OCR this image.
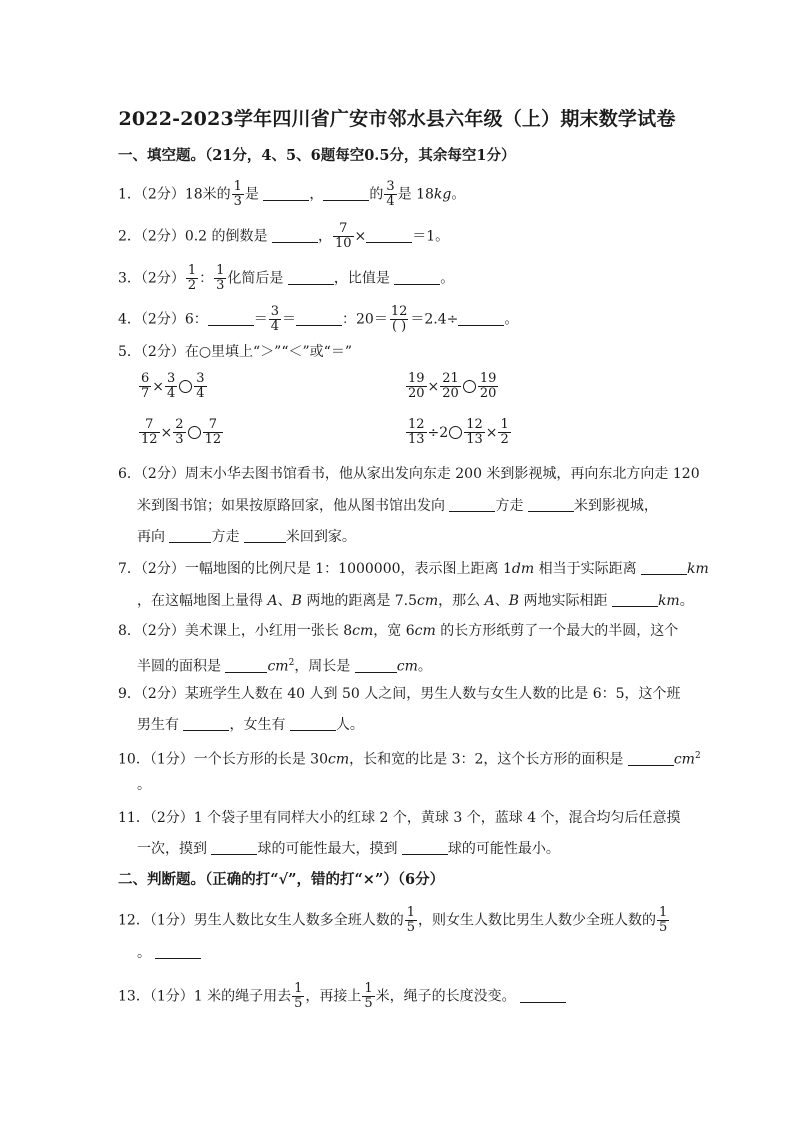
2022-2023学年四川省广安市邻水县六年级（上）期末数学试卷
一、填空题。（21分，4、5、6题每空0.5分，其余每空1分）
1．（2分）18米的 $\frac{1}{3}$ 是	，	的 $\frac{3}{4}$ 是 18kg。
2．（2分）0.2 的倒数是	， $\frac{7}{10}$ ×	＝1。
3．（2分） $\frac{1}{2}$ ： $\frac{1}{3}$ 化简后是	，比值是	。
4．（2分）6：	＝ $\frac{3}{4}$ ＝	：$20= \frac{12}{( )} =2.4\div$	。
5．（2分）在○里填上“＞”“＜”或“＝”
$\frac{6}{7} \times \frac{3}{4} \frac{3}{4}$	$\frac{19}{20} \times \frac{21}{20} \frac{19}{20}$
$\frac{7}{12} \times \frac{2}{3} \frac{7}{12}$	$\frac{12}{13} \div 2 \frac{12}{13} \times \frac{1}{2}$
6．（2分）周末小华去图书馆看书，他从家出发向东走 200 米到影视城，再向东北方向走 120
米到图书馆；如果按原路回家，他从图书馆出发向	方走	米到影视城，
再向	方走	米回到家。
7．（2分）一幅地图的比例尺是 1：1000000，表示图上距离 1dm 相当于实际距离	km
，在这幅地图上量得 A、B 两地的距离是 7.5cm，那么 A、B 两地实际相距	km。
8．（2分）美术课上，小红用一张长 8cm，宽 6cm 的长方形纸剪了一个最大的半圆，这个
半圆的面积是	$cm^2$，周长是	cm。
9．（2分）某班学生人数在 40 人到 50 人之间，男生人数与女生人数的比是 6：5，这个班
男生有	，女生有	人。
10．（1分）一个长方形的长是 30cm，长和宽的比是 3：2，这个长方形的面积是	$cm^2$
。
11．（2分）1 个袋子里有同样大小的红球 2 个，黄球 3 个，蓝球 4 个，混合均匀后任意摸
一次，摸到	球的可能性最大，摸到	球的可能性最小。
二、判断题。（正确的打“√”，错的打“×”）（6分）
12．（1分）男生人数比女生人数多全班人数的 $\frac{1}{5}$ ，则女生人数比男生人数少全班人数的 $\frac{1}{5}$
。
13．（1分）1 米的绳子用去 $\frac{1}{5}$ ，再接上 $\frac{1}{5}$ 米，绳子的长度没变。
